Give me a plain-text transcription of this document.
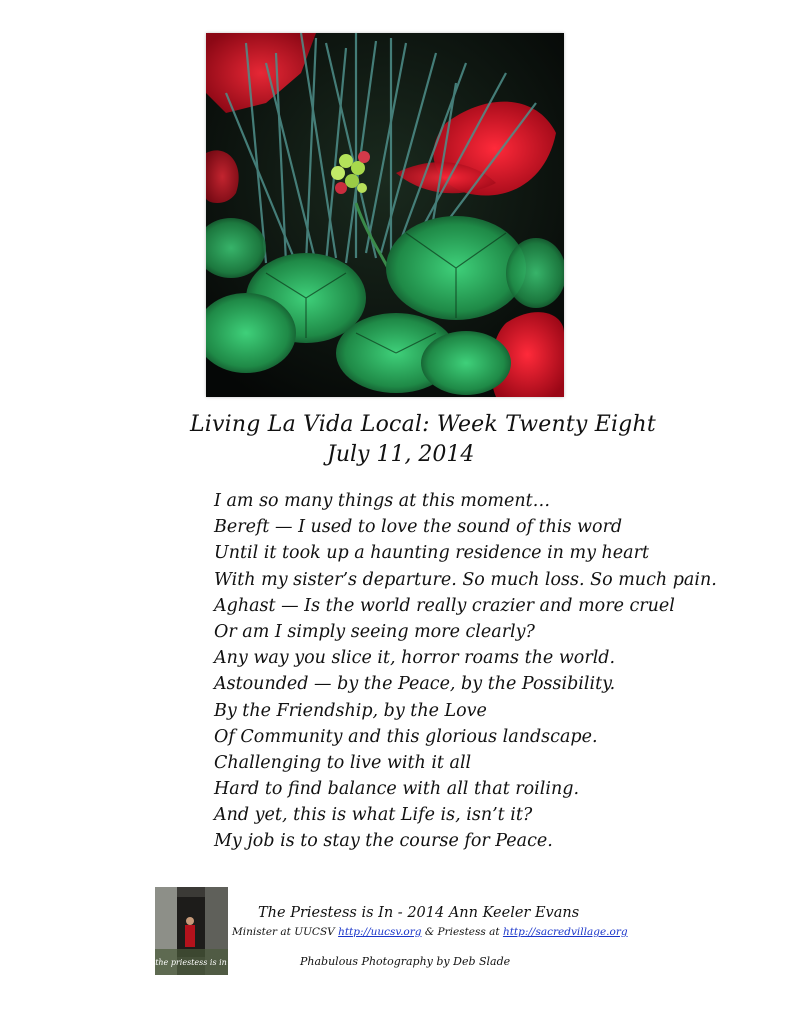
Living La Vida Local: Week Twenty Eight
July 11, 2014
I am so many things at this moment…
Bereft — I used to love the sound of this word
Until it took up a haunting residence in my heart
With my sister’s departure. So much loss. So much pain.
Aghast — Is the world really crazier and more cruel
Or am I simply seeing more clearly?
Any way you slice it, horror roams the world.
Astounded — by the Peace, by the Possibility.
By the Friendship, by the Love
Of Community and this glorious landscape.
Challenging to live with it all
Hard to find balance with all that roiling.
And yet, this is what Life is, isn’t it?
My job is to stay the course for Peace.
the priestess is in
The Priestess is In - 2014 Ann Keeler Evans
Minister at UUCSV http://uucsv.org & Priestess at http://sacredvillage.org
Phabulous Photography by Deb Slade
